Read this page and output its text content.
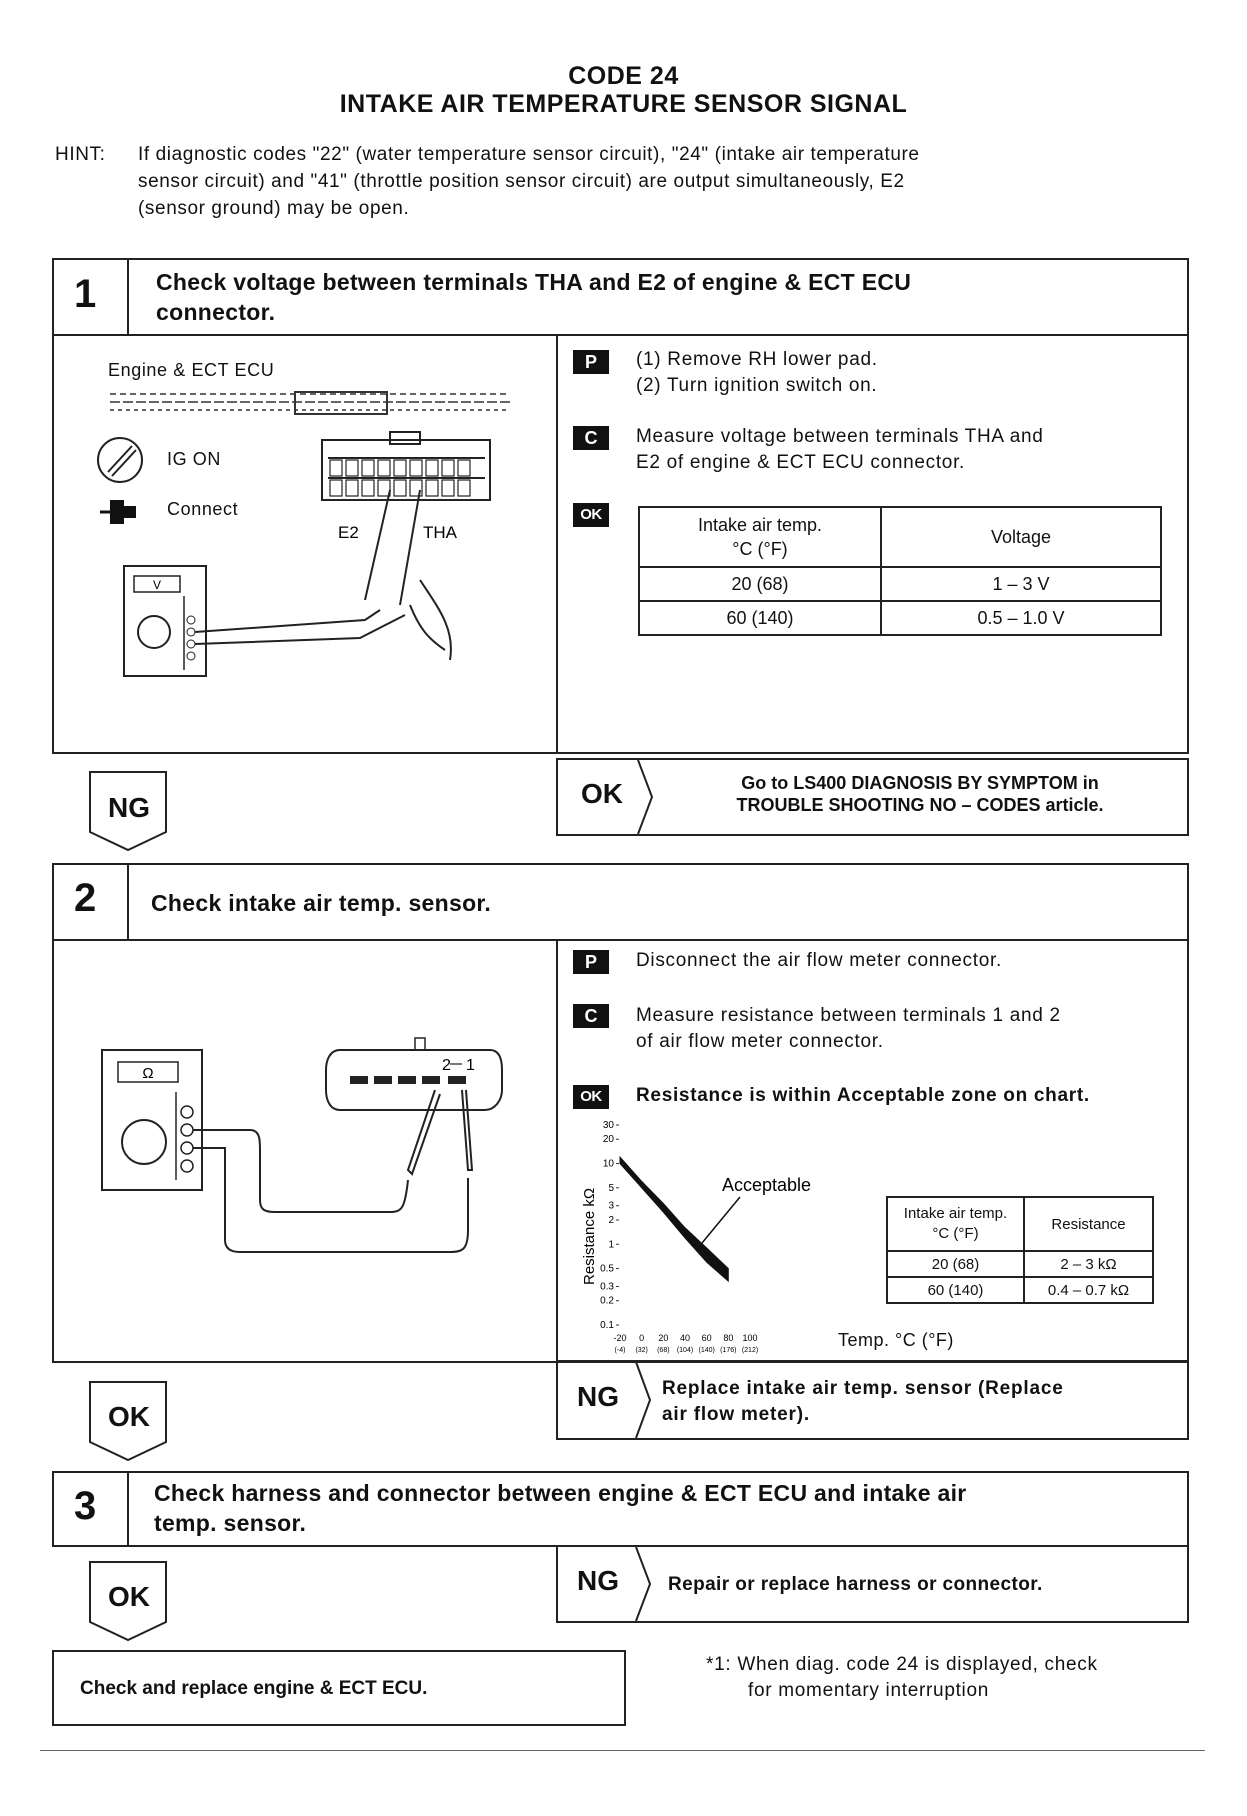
CODE 24
INTAKE AIR TEMPERATURE SENSOR SIGNAL
HINT: If diagnostic codes "22" (water temperature sensor circuit), "24" (intake air temperature
sensor circuit) and "41" (throttle position sensor circuit) are output simultaneously, E2
(sensor ground) may be open.
1	Check voltage between terminals THA and E2 of engine & ECT ECU
connector.
Engine & ECT ECU
V
E2	THA
IG ON
Connect
P	(1) Remove RH lower pad.
(2) Turn ignition switch on.
C	Measure voltage between terminals THA and
E2 of engine & ECT ECU connector.
OK
Intake air temp.
°C (°F)	Voltage
20 (68)	1 – 3 V
60 (140)	0.5 – 1.0 V
OK	Go to LS400 DIAGNOSIS BY SYMPTOM in
TROUBLE SHOOTING NO – CODES article.
NG
2 Check intake air temp. sensor.
Ω	2 1
P	Disconnect the air flow meter connector.
C	Measure resistance between terminals 1 and 2
of air flow meter connector.
OK	Resistance is within Acceptable zone on chart.
Resistance kΩ
30
20
10
5
3
2
1
0.5
0.3
0.2
0.1
-20
(-4)
0
(32)
20
(68)
40
(104)
60
(140)
80
(176)
100
(212)
Acceptable
Temp. °C (°F)
Intake air temp.
°C (°F)	Resistance
20 (68)	2 – 3 kΩ
60 (140)	0.4 – 0.7 kΩ
NG	Replace intake air temp. sensor (Replace
air flow meter).
OK
3	Check harness and connector between engine & ECT ECU and intake air
temp. sensor.
NG	Repair or replace harness or connector.
OK
Check and replace engine & ECT ECU.
*1: When diag. code 24 is displayed, check
for momentary interruption
